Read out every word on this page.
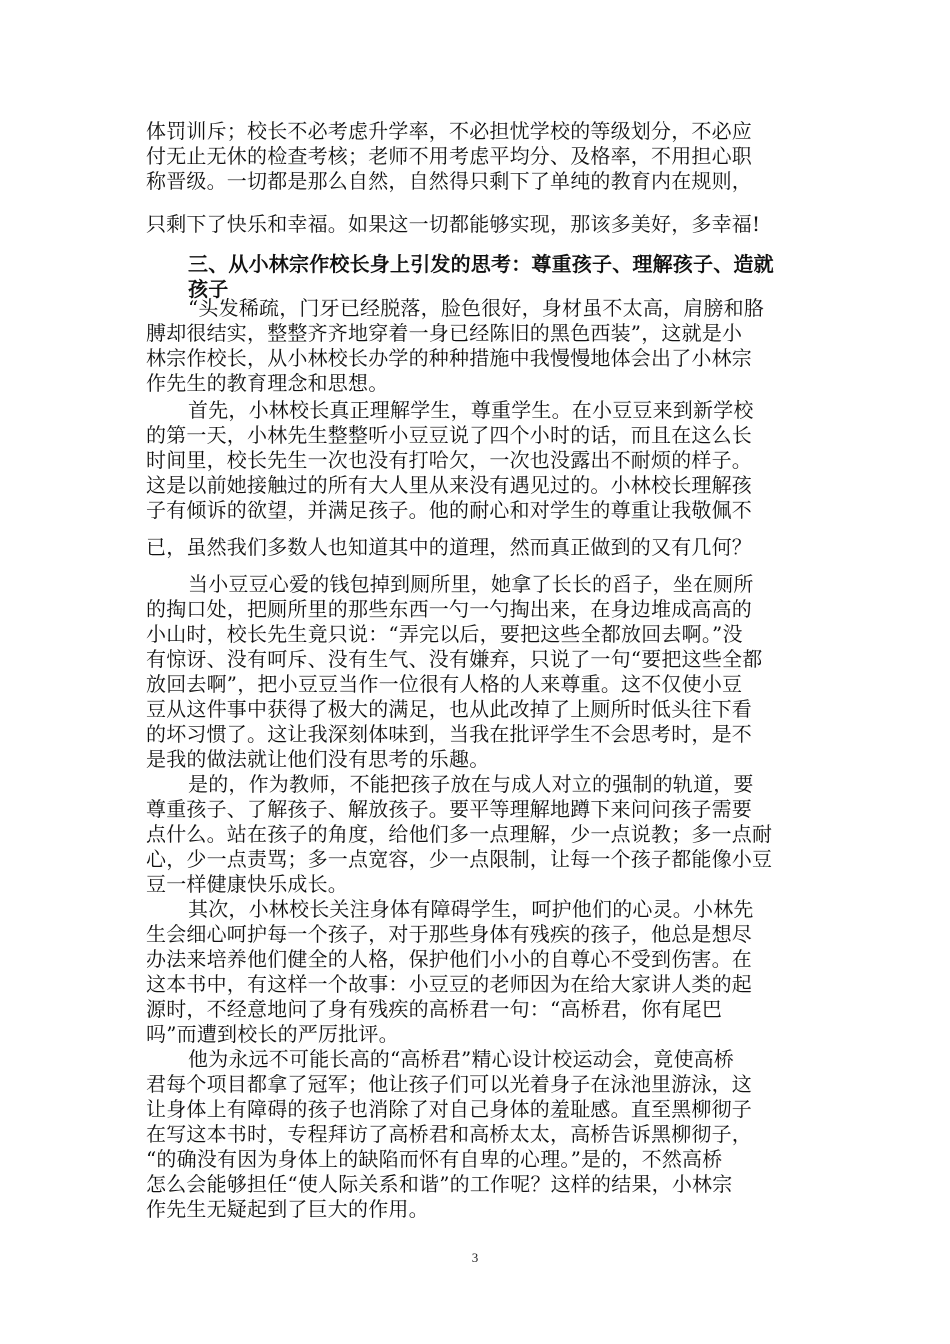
体罚训斥；校长不必考虑升学率，不必担忧学校的等级划分，不必应
付无止无休的检查考核；老师不用考虑平均分、及格率，不用担心职
称晋级。一切都是那么自然，自然得只剩下了单纯的教育内在规则，
只剩下了快乐和幸福。如果这一切都能够实现，那该多美好，多幸福!
三、从小林宗作校长身上引发的思考：尊重孩子、理解孩子、造就
孩子
“头发稀疏，门牙已经脱落，脸色很好，身材虽不太高，肩膀和胳
膊却很结实，整整齐齐地穿着一身已经陈旧的黑色西装”，这就是小
林宗作校长，从小林校长办学的种种措施中我慢慢地体会出了小林宗
作先生的教育理念和思想。
首先，小林校长真正理解学生，尊重学生。在小豆豆来到新学校
的第一天，小林先生整整听小豆豆说了四个小时的话，而且在这么长
时间里，校长先生一次也没有打哈欠，一次也没露出不耐烦的样子。
这是以前她接触过的所有大人里从来没有遇见过的。小林校长理解孩
子有倾诉的欲望，并满足孩子。他的耐心和对学生的尊重让我敬佩不
已，虽然我们多数人也知道其中的道理，然而真正做到的又有几何？
当小豆豆心爱的钱包掉到厕所里，她拿了长长的舀子，坐在厕所
的掏口处，把厕所里的那些东西一勺一勺掏出来，在身边堆成高高的
小山时，校长先生竟只说：“弄完以后，要把这些全都放回去啊。”没
有惊讶、没有呵斥、没有生气、没有嫌弃，只说了一句“要把这些全都
放回去啊”，把小豆豆当作一位很有人格的人来尊重。这不仅使小豆
豆从这件事中获得了极大的满足，也从此改掉了上厕所时低头往下看
的坏习惯了。这让我深刻体味到，当我在批评学生不会思考时，是不
是我的做法就让他们没有思考的乐趣。
是的，作为教师，不能把孩子放在与成人对立的强制的轨道，要
尊重孩子、了解孩子、解放孩子。要平等理解地蹲下来问问孩子需要
点什么。站在孩子的角度，给他们多一点理解，少一点说教；多一点耐
心，少一点责骂；多一点宽容，少一点限制，让每一个孩子都能像小豆
豆一样健康快乐成长。
其次，小林校长关注身体有障碍学生，呵护他们的心灵。小林先
生会细心呵护每一个孩子，对于那些身体有残疾的孩子，他总是想尽
办法来培养他们健全的人格，保护他们小小的自尊心不受到伤害。在
这本书中，有这样一个故事：小豆豆的老师因为在给大家讲人类的起
源时，不经意地问了身有残疾的高桥君一句：“高桥君，你有尾巴
吗”而遭到校长的严厉批评。
他为永远不可能长高的“高桥君”精心设计校运动会，竟使高桥
君每个项目都拿了冠军；他让孩子们可以光着身子在泳池里游泳，这
让身体上有障碍的孩子也消除了对自己身体的羞耻感。直至黑柳彻子
在写这本书时，专程拜访了高桥君和高桥太太，高桥告诉黑柳彻子，
“的确没有因为身体上的缺陷而怀有自卑的心理。”是的，不然高桥
怎么会能够担任“使人际关系和谐”的工作呢？这样的结果，小林宗
作先生无疑起到了巨大的作用。
3
